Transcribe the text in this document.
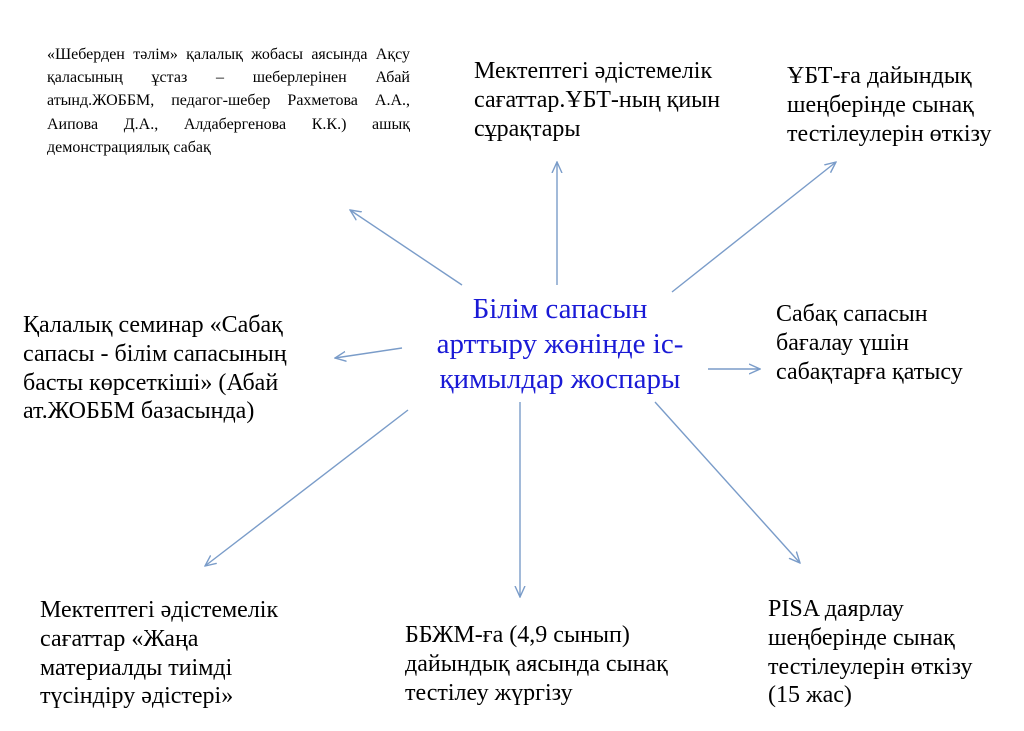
Білім сапасын
арттыру жөнінде іс-
қимылдар жоспары
«Шеберден тәлім» қалалық жобасы аясында Ақсу қаласының ұстаз – шеберлерінен Абай атынд.ЖОББМ, педагог-шебер Рахметова А.А., Аипова Д.А., Алдабергенова К.К.) ашық демонстрациялық сабақ
Мектептегі әдістемелік
сағаттар.ҰБТ-ның қиын
сұрақтары
ҰБТ-ға дайындық
шеңберінде сынақ
тестілеулерін өткізу
Қалалық семинар «Сабақ
сапасы - білім сапасының
басты көрсеткіші» (Абай
ат.ЖОББМ базасында)
Сабақ сапасын
бағалау үшін
сабақтарға қатысу
Мектептегі әдістемелік
сағаттар «Жаңа
материалды тиімді
түсіндіру әдістері»
ББЖМ-ға (4,9 сынып)
дайындық аясында сынақ
тестілеу жүргізу
PISA даярлау
шеңберінде сынақ
тестілеулерін өткізу
(15 жас)
